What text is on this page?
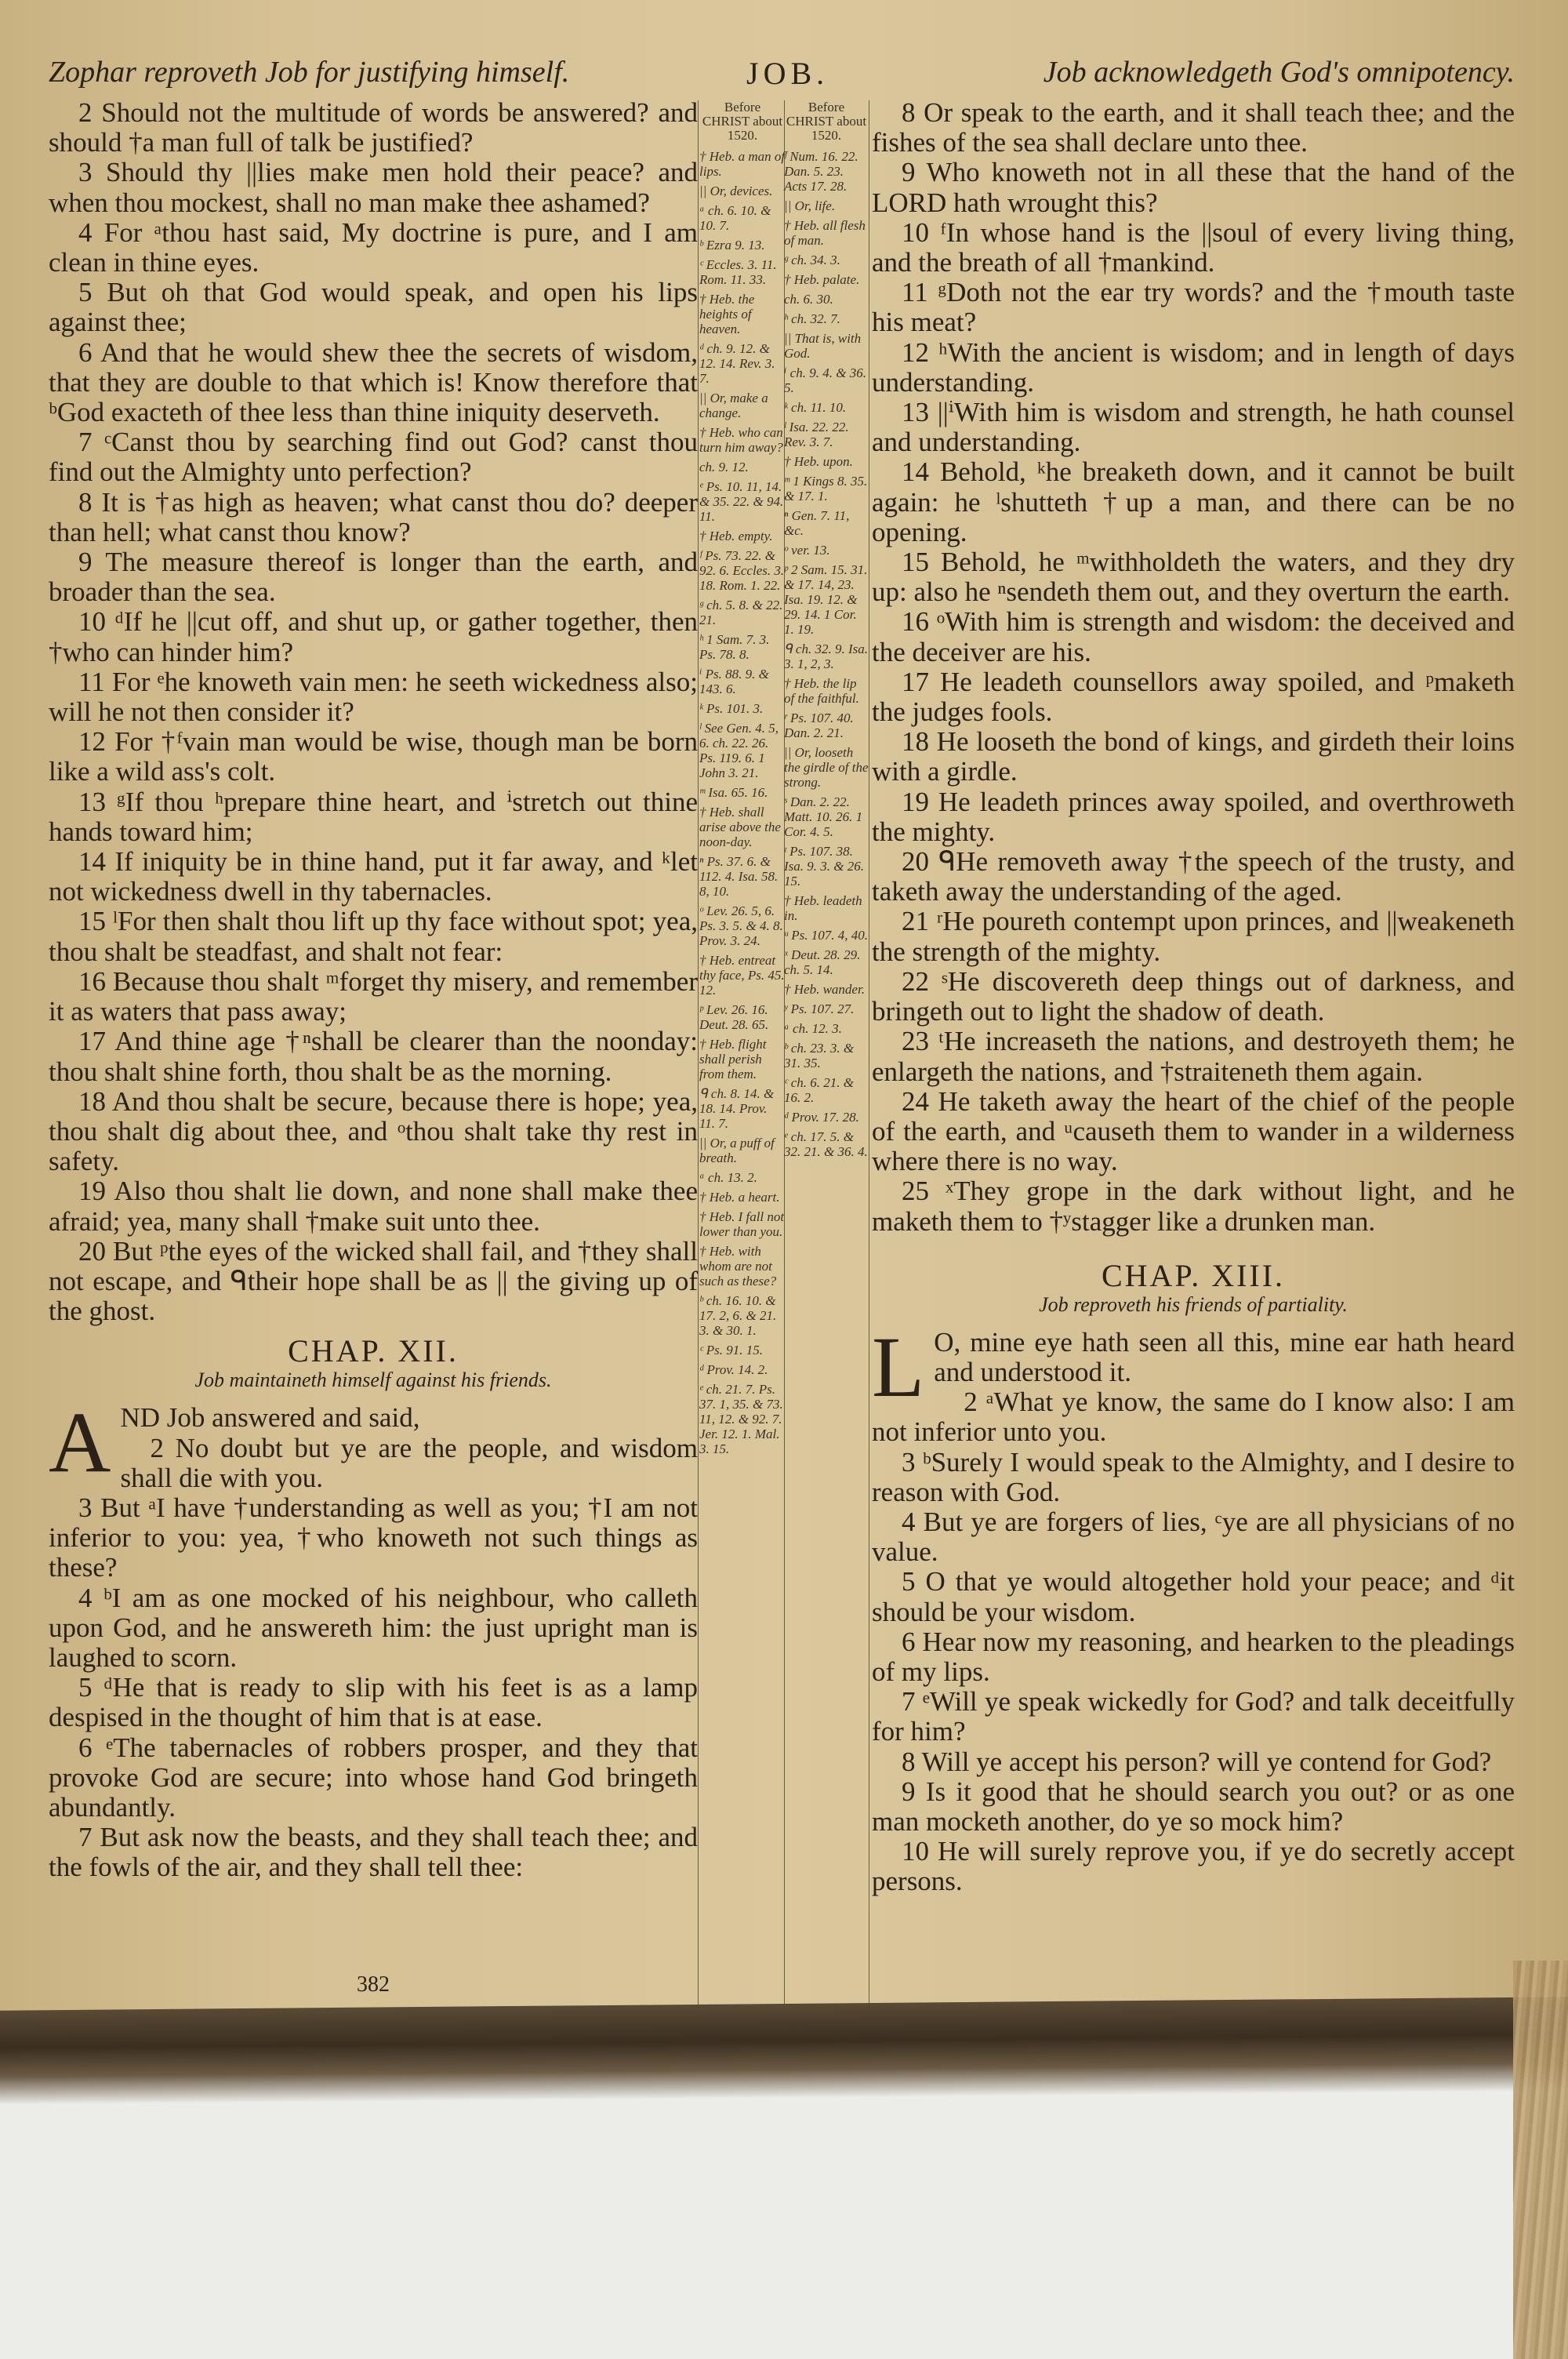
Zophar reproveth Job for justifying himself.	JOB.	Job acknowledgeth God's omnipotency.

2 Should not the multitude of words be answered? and should †a man full of talk be justified?

3 Should thy ||lies make men hold their peace? and when thou mockest, shall no man make thee ashamed?

4 For ᵃthou hast said, My doctrine is pure, and I am clean in thine eyes.

5 But oh that God would speak, and open his lips against thee;

6 And that he would shew thee the secrets of wisdom, that they are double to that which is! Know therefore that ᵇGod exacteth of thee less than thine iniquity deserveth.

7 ᶜCanst thou by searching find out God? canst thou find out the Almighty unto perfection?

8 It is †as high as heaven; what canst thou do? deeper than hell; what canst thou know?

9 The measure thereof is longer than the earth, and broader than the sea.

10 ᵈIf he ||cut off, and shut up, or gather together, then †who can hinder him?

11 For ᵉhe knoweth vain men: he seeth wickedness also; will he not then consider it?

12 For †ᶠvain man would be wise, though man be born like a wild ass's colt.

13 ᵍIf thou ʰprepare thine heart, and ⁱstretch out thine hands toward him;

14 If iniquity be in thine hand, put it far away, and ᵏlet not wickedness dwell in thy tabernacles.

15 ˡFor then shalt thou lift up thy face without spot; yea, thou shalt be steadfast, and shalt not fear:

16 Because thou shalt ᵐforget thy misery, and remember it as waters that pass away;

17 And thine age †ⁿshall be clearer than the noonday: thou shalt shine forth, thou shalt be as the morning.

18 And thou shalt be secure, because there is hope; yea, thou shalt dig about thee, and ᵒthou shalt take thy rest in safety.

19 Also thou shalt lie down, and none shall make thee afraid; yea, many shall †make suit unto thee.

20 But ᵖthe eyes of the wicked shall fail, and †they shall not escape, and ᑫtheir hope shall be as || the giving up of the ghost.

CHAP. XII.
Job maintaineth himself against his friends.

AND Job answered and said,

2 No doubt but ye are the people, and wisdom shall die with you.

3 But ᵃI have †understanding as well as you; †I am not inferior to you: yea, †who knoweth not such things as these?

4 ᵇI am as one mocked of his neighbour, who calleth upon God, and he answereth him: the just upright man is laughed to scorn.

5 ᵈHe that is ready to slip with his feet is as a lamp despised in the thought of him that is at ease.

6 ᵉThe tabernacles of robbers prosper, and they that provoke God are secure; into whose hand God bringeth abundantly.

7 But ask now the beasts, and they shall teach thee; and the fowls of the air, and they shall tell thee:

Before CHRIST about 1520.
† Heb. a man of lips.
|| Or, devices.
ᵃ ch. 6. 10. & 10. 7.
ᵇ Ezra 9. 13.
ᶜ Eccles. 3. 11. Rom. 11. 33.
† Heb. the heights of heaven.
ᵈ ch. 9. 12. & 12. 14. Rev. 3. 7.
|| Or, make a change.
† Heb. who can turn him away?
ch. 9. 12.
ᵉ Ps. 10. 11, 14. & 35. 22. & 94. 11.
† Heb. empty.
ᶠ Ps. 73. 22. & 92. 6. Eccles. 3. 18. Rom. 1. 22.
ᵍ ch. 5. 8. & 22. 21.
ʰ 1 Sam. 7. 3. Ps. 78. 8.
ⁱ Ps. 88. 9. & 143. 6.
ᵏ Ps. 101. 3.
ˡ See Gen. 4. 5, 6. ch. 22. 26. Ps. 119. 6. 1 John 3. 21.
ᵐ Isa. 65. 16.
† Heb. shall arise above the noon-day.
ⁿ Ps. 37. 6. & 112. 4. Isa. 58. 8, 10.
ᵒ Lev. 26. 5, 6. Ps. 3. 5. & 4. 8. Prov. 3. 24.
† Heb. entreat thy face, Ps. 45. 12.
ᵖ Lev. 26. 16. Deut. 28. 65.
† Heb. flight shall perish from them.
ᑫ ch. 8. 14. & 18. 14. Prov. 11. 7.
|| Or, a puff of breath.
ᵃ ch. 13. 2.
† Heb. a heart.
† Heb. I fall not lower than you.
† Heb. with whom are not such as these?
ᵇ ch. 16. 10. & 17. 2, 6. & 21. 3. & 30. 1.
ᶜ Ps. 91. 15.
ᵈ Prov. 14. 2.
ᵉ ch. 21. 7. Ps. 37. 1, 35. & 73. 11, 12. & 92. 7. Jer. 12. 1. Mal. 3. 15.
Before CHRIST about 1520.
ᶠ Num. 16. 22. Dan. 5. 23. Acts 17. 28.
|| Or, life.
† Heb. all flesh of man.
ᵍ ch. 34. 3.
† Heb. palate.
ch. 6. 30.
ʰ ch. 32. 7.
|| That is, with God.
ⁱ ch. 9. 4. & 36. 5.
ᵏ ch. 11. 10.
ˡ Isa. 22. 22. Rev. 3. 7.
† Heb. upon.
ᵐ 1 Kings 8. 35. & 17. 1.
ⁿ Gen. 7. 11, &c.
ᵒ ver. 13.
ᵖ 2 Sam. 15. 31. & 17. 14, 23. Isa. 19. 12. & 29. 14. 1 Cor. 1. 19.
ᑫ ch. 32. 9. Isa. 3. 1, 2, 3.
† Heb. the lip of the faithful.
ʳ Ps. 107. 40. Dan. 2. 21.
|| Or, looseth the girdle of the strong.
ˢ Dan. 2. 22. Matt. 10. 26. 1 Cor. 4. 5.
ᵗ Ps. 107. 38. Isa. 9. 3. & 26. 15.
† Heb. leadeth in.
ᵘ Ps. 107. 4, 40.
ˣ Deut. 28. 29. ch. 5. 14.
† Heb. wander.
ʸ Ps. 107. 27.
ᵃ ch. 12. 3.
ᵇ ch. 23. 3. & 31. 35.
ᶜ ch. 6. 21. & 16. 2.
ᵈ Prov. 17. 28.
ᵉ ch. 17. 5. & 32. 21. & 36. 4.

8 Or speak to the earth, and it shall teach thee; and the fishes of the sea shall declare unto thee.

9 Who knoweth not in all these that the hand of the LORD hath wrought this?

10 ᶠIn whose hand is the ||soul of every living thing, and the breath of all †mankind.

11 ᵍDoth not the ear try words? and the †mouth taste his meat?

12 ʰWith the ancient is wisdom; and in length of days understanding.

13 ||ⁱWith him is wisdom and strength, he hath counsel and understanding.

14 Behold, ᵏhe breaketh down, and it cannot be built again: he ˡshutteth †up a man, and there can be no opening.

15 Behold, he ᵐwithholdeth the waters, and they dry up: also he ⁿsendeth them out, and they overturn the earth.

16 ᵒWith him is strength and wisdom: the deceived and the deceiver are his.

17 He leadeth counsellors away spoiled, and ᵖmaketh the judges fools.

18 He looseth the bond of kings, and girdeth their loins with a girdle.

19 He leadeth princes away spoiled, and overthroweth the mighty.

20 ᑫHe removeth away †the speech of the trusty, and taketh away the understanding of the aged.

21 ʳHe poureth contempt upon princes, and ||weakeneth the strength of the mighty.

22 ˢHe discovereth deep things out of darkness, and bringeth out to light the shadow of death.

23 ᵗHe increaseth the nations, and destroyeth them; he enlargeth the nations, and †straiteneth them again.

24 He taketh away the heart of the chief of the people of the earth, and ᵘcauseth them to wander in a wilderness where there is no way.

25 ˣThey grope in the dark without light, and he maketh them to †ʸstagger like a drunken man.

CHAP. XIII.
Job reproveth his friends of partiality.

L O, mine eye hath seen all this, mine ear hath heard and understood it.

2 ᵃWhat ye know, the same do I know also: I am not inferior unto you.

3 ᵇSurely I would speak to the Almighty, and I desire to reason with God.

4 But ye are forgers of lies, ᶜye are all physicians of no value.

5 O that ye would altogether hold your peace; and ᵈit should be your wisdom.

6 Hear now my reasoning, and hearken to the pleadings of my lips.

7 ᵉWill ye speak wickedly for God? and talk deceitfully for him?

8 Will ye accept his person? will ye contend for God?

9 Is it good that he should search you out? or as one man mocketh another, do ye so mock him?

10 He will surely reprove you, if ye do secretly accept persons.

382
